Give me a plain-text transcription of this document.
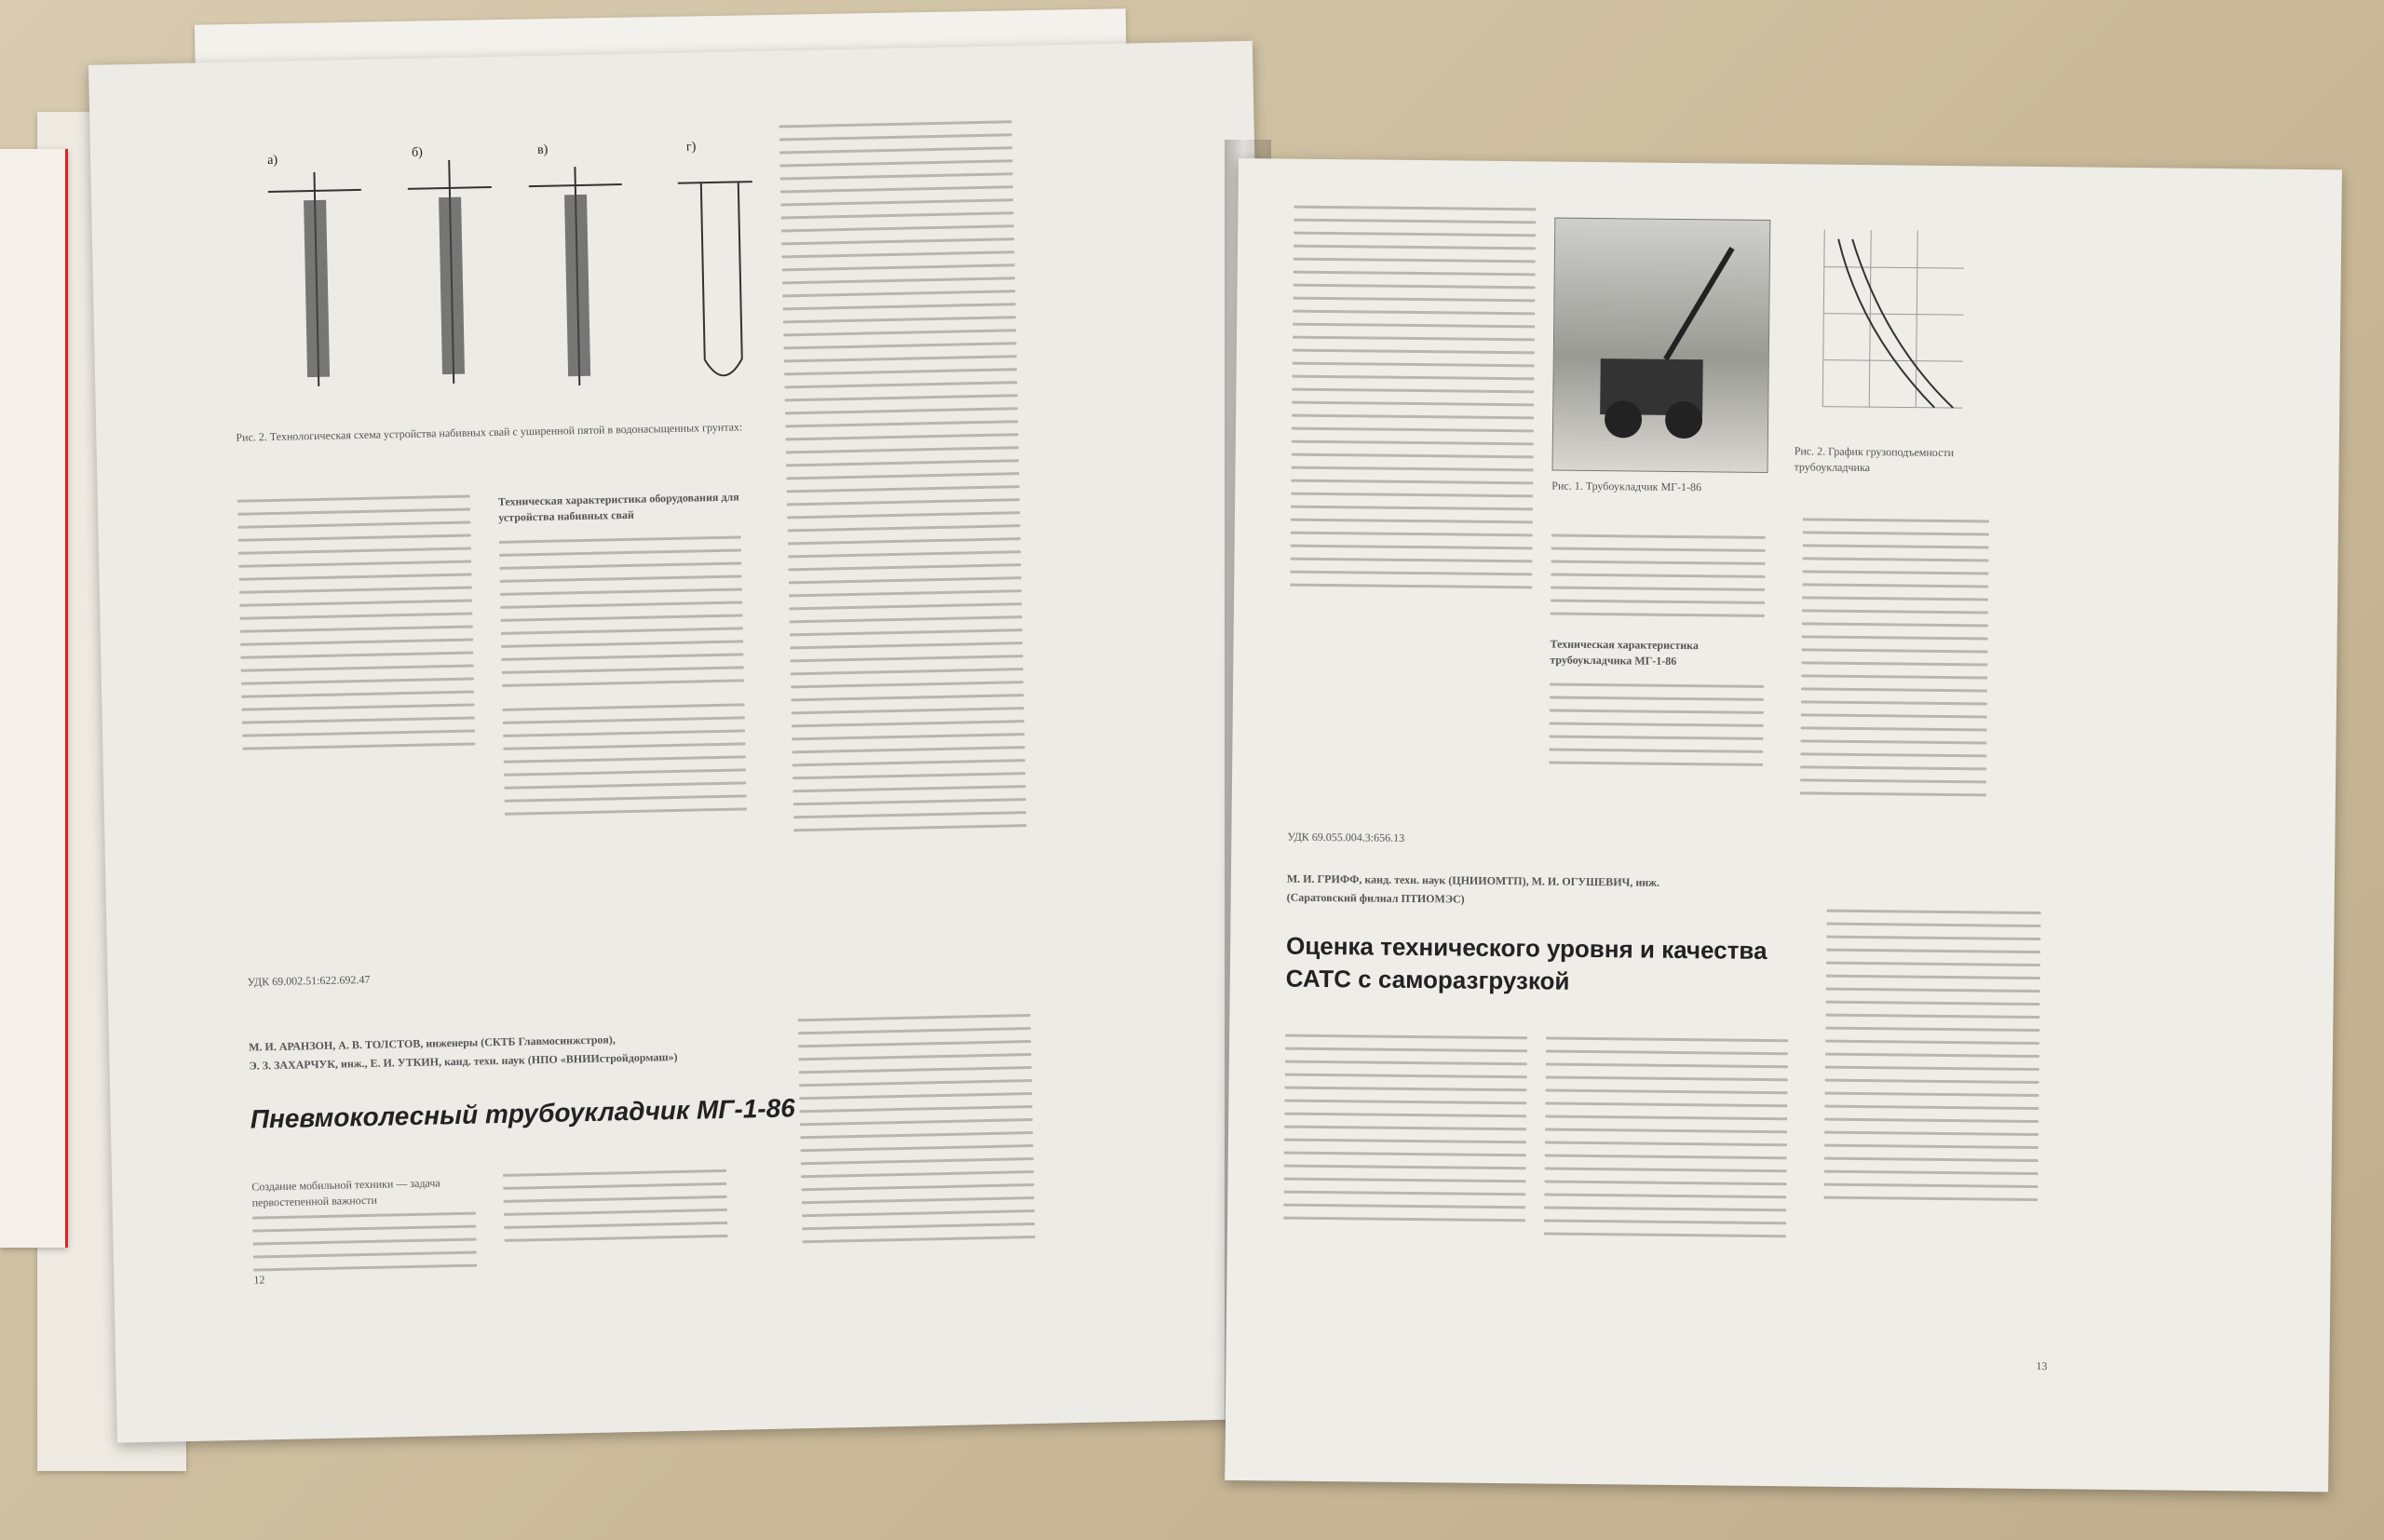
а)
б)	в)	г)
Рис. 2. Технологическая схема устройства набивных свай с уширенной пятой в водонасыщенных грунтах:
Техническая характеристика оборудования для устройства набивных свай
УДК 69.002.51:622.692.47
М. И. АРАНЗОН, А. В. ТОЛСТОВ, инженеры (СКТБ Главмосинжстроя),
Э. З. ЗАХАРЧУК, инж., Е. И. УТКИН, канд. техн. наук (НПО «ВНИИстройдормаш»)
Пневмоколесный трубоукладчик МГ-1-86
Создание мобильной техники — задача первостепенной важности
12
Рис. 1. Трубоукладчик МГ-1-86
Рис. 2. График грузоподъемности трубоукладчика
Техническая характеристика трубоукладчика МГ-1-86
УДК 69.055.004.3:656.13
М. И. ГРИФФ, канд. техн. наук (ЦНИИОМТП), М. И. ОГУШЕВИЧ, инж.
(Саратовский филиал ПТИОМЭС)
Оценка технического уровня и качества
САТС с саморазгрузкой
13
